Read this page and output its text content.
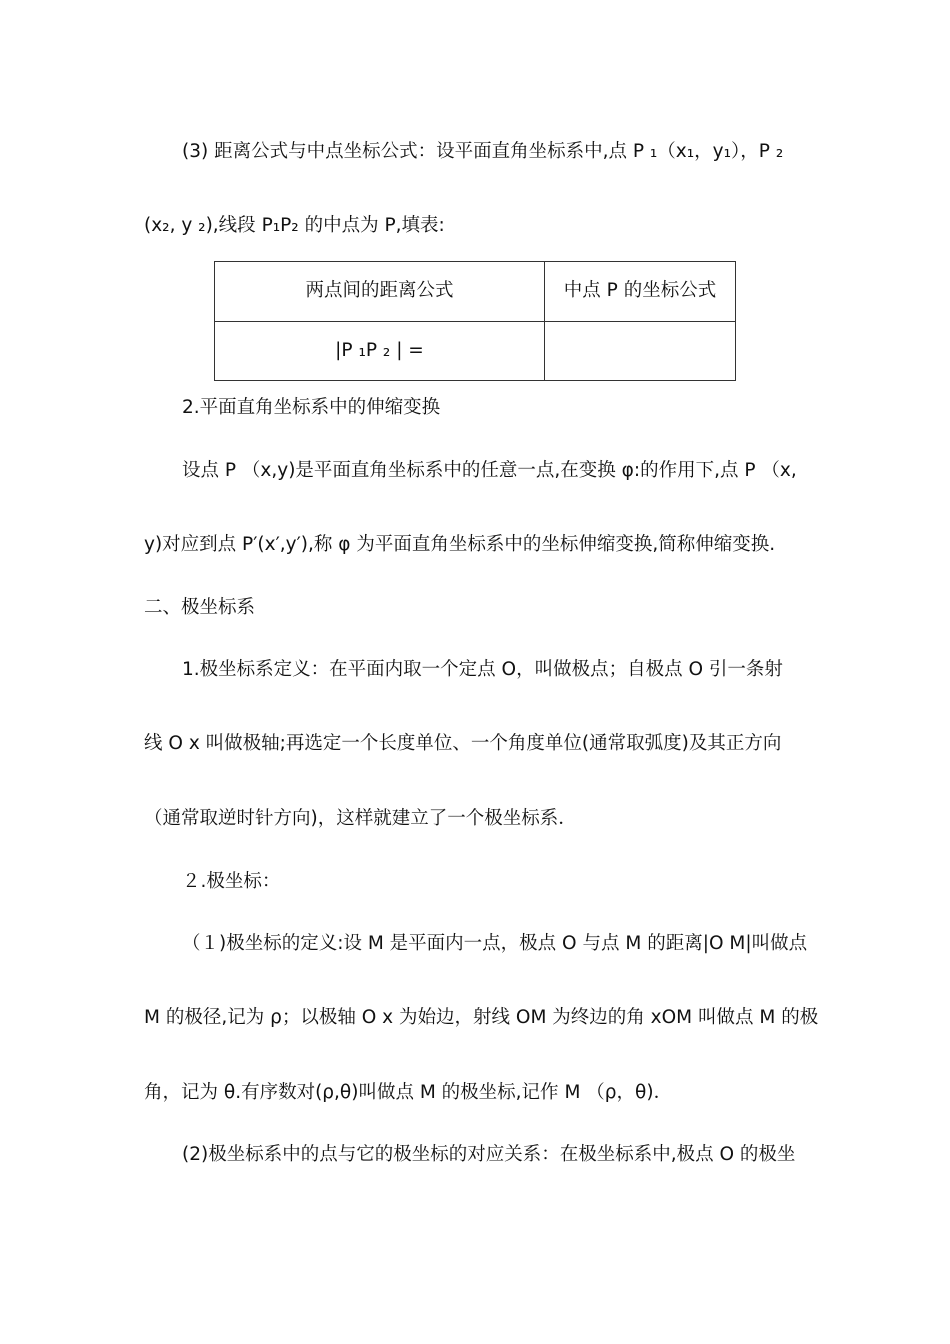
(3) 距离公式与中点坐标公式：设平面直角坐标系中,点 P ₁（x₁，y₁），P ₂
(x₂, y ₂),线段 P₁P₂ 的中点为 P,填表:
2.平面直角坐标系中的伸缩变换
设点 P （x,y)是平面直角坐标系中的任意一点,在变换 φ:的作用下,点 P （x,
y)对应到点 P′(x′,y′),称 φ 为平面直角坐标系中的坐标伸缩变换,简称伸缩变换.
二、极坐标系
1.极坐标系定义：在平面内取一个定点 O，叫做极点；自极点 O 引一条射
线 O x 叫做极轴;再选定一个长度单位、一个角度单位(通常取弧度)及其正方向
（通常取逆时针方向)，这样就建立了一个极坐标系．
２.极坐标：
（１)极坐标的定义:设 M 是平面内一点，极点 O 与点 M 的距离|O M|叫做点
M 的极径,记为 ρ；以极轴 O x 为始边，射线 OM 为终边的角 xOM 叫做点 M 的极
角，记为 θ.有序数对(ρ,θ)叫做点 M 的极坐标,记作 M （ρ，θ)．
(2)极坐标系中的点与它的极坐标的对应关系：在极坐标系中,极点 O 的极坐
两点间的距离公式	中点 P 的坐标公式
|P ₁P ₂ | =
